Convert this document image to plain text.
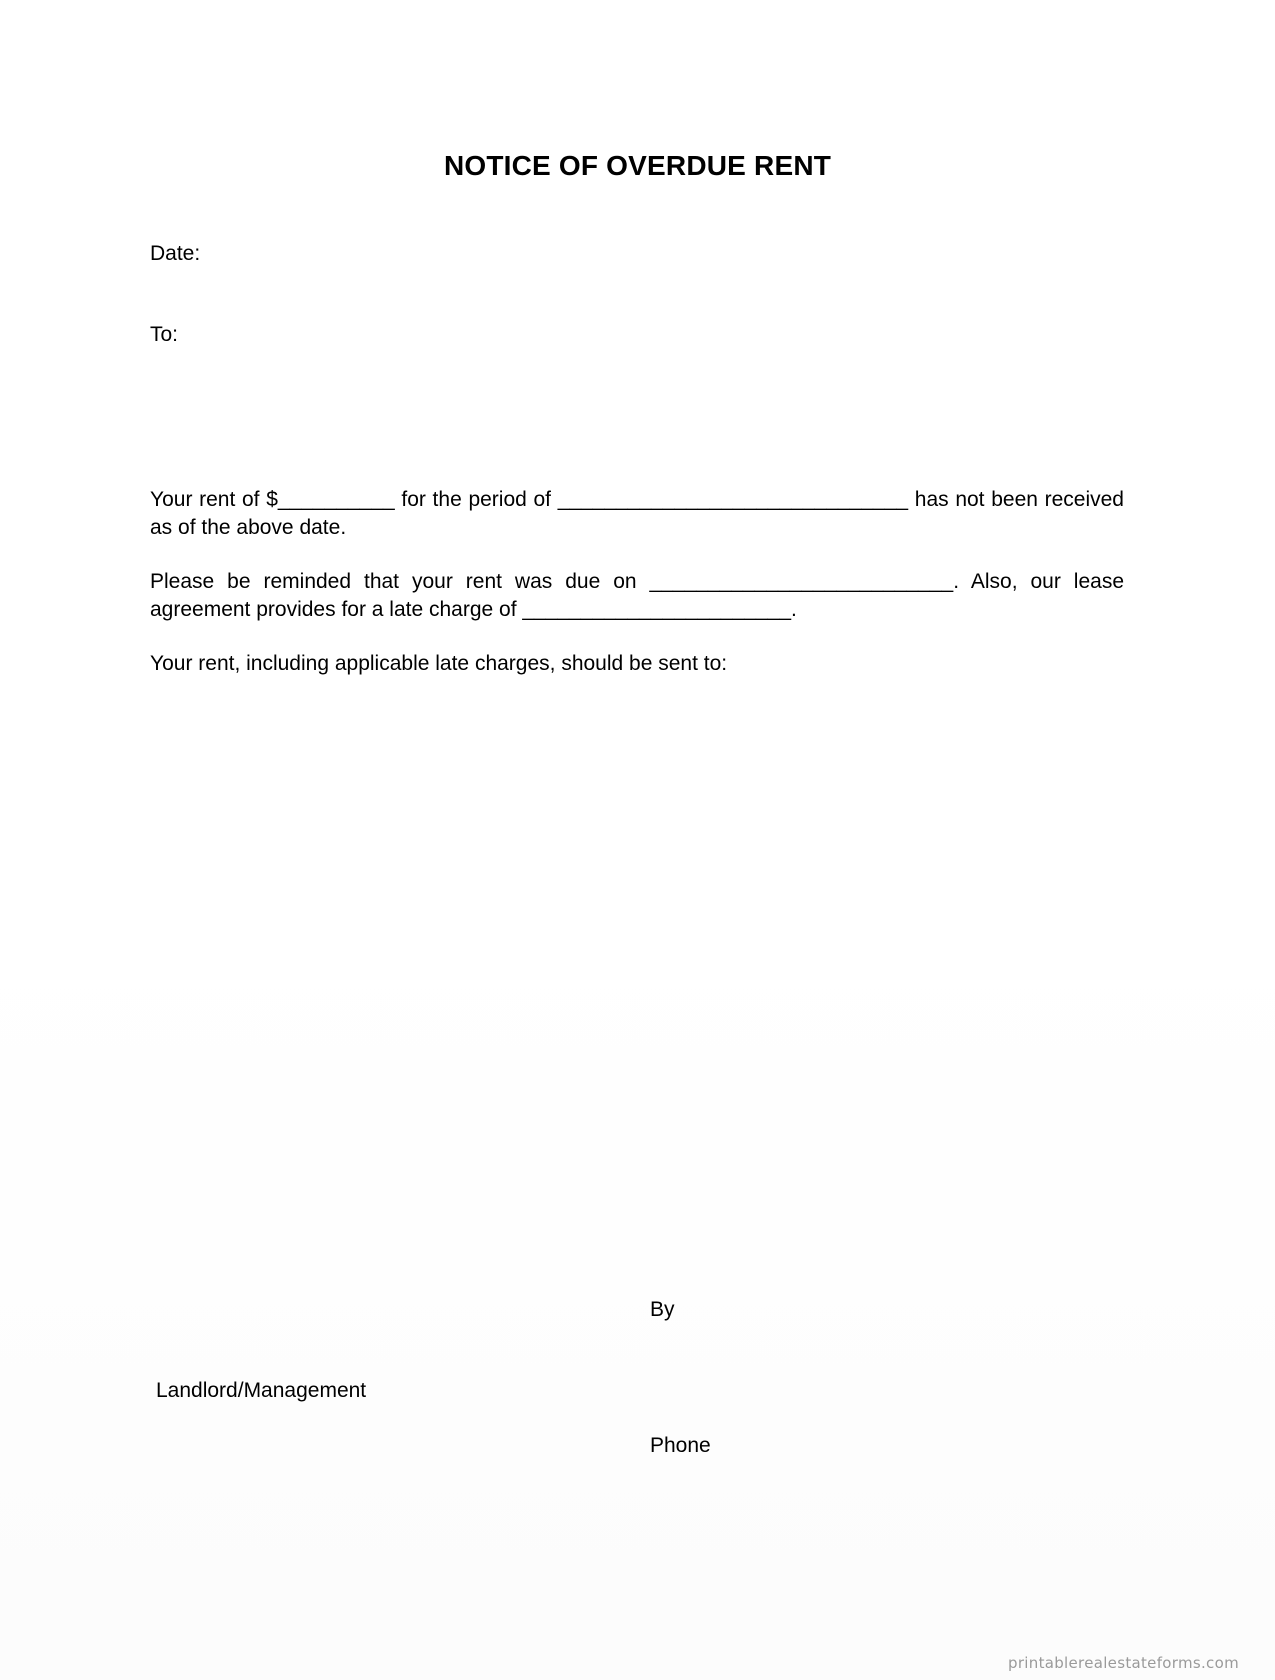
NOTICE OF OVERDUE RENT
Date:
To:

Your rent of $__________ for the period of ______________________________ has not been received as of the above date.

Please be reminded that your rent was due on __________________________. Also, our lease agreement provides for a late charge of _______________________.

Your rent, including applicable late charges, should be sent to:

By
Landlord/Management
Phone
printablerealestateforms.com
